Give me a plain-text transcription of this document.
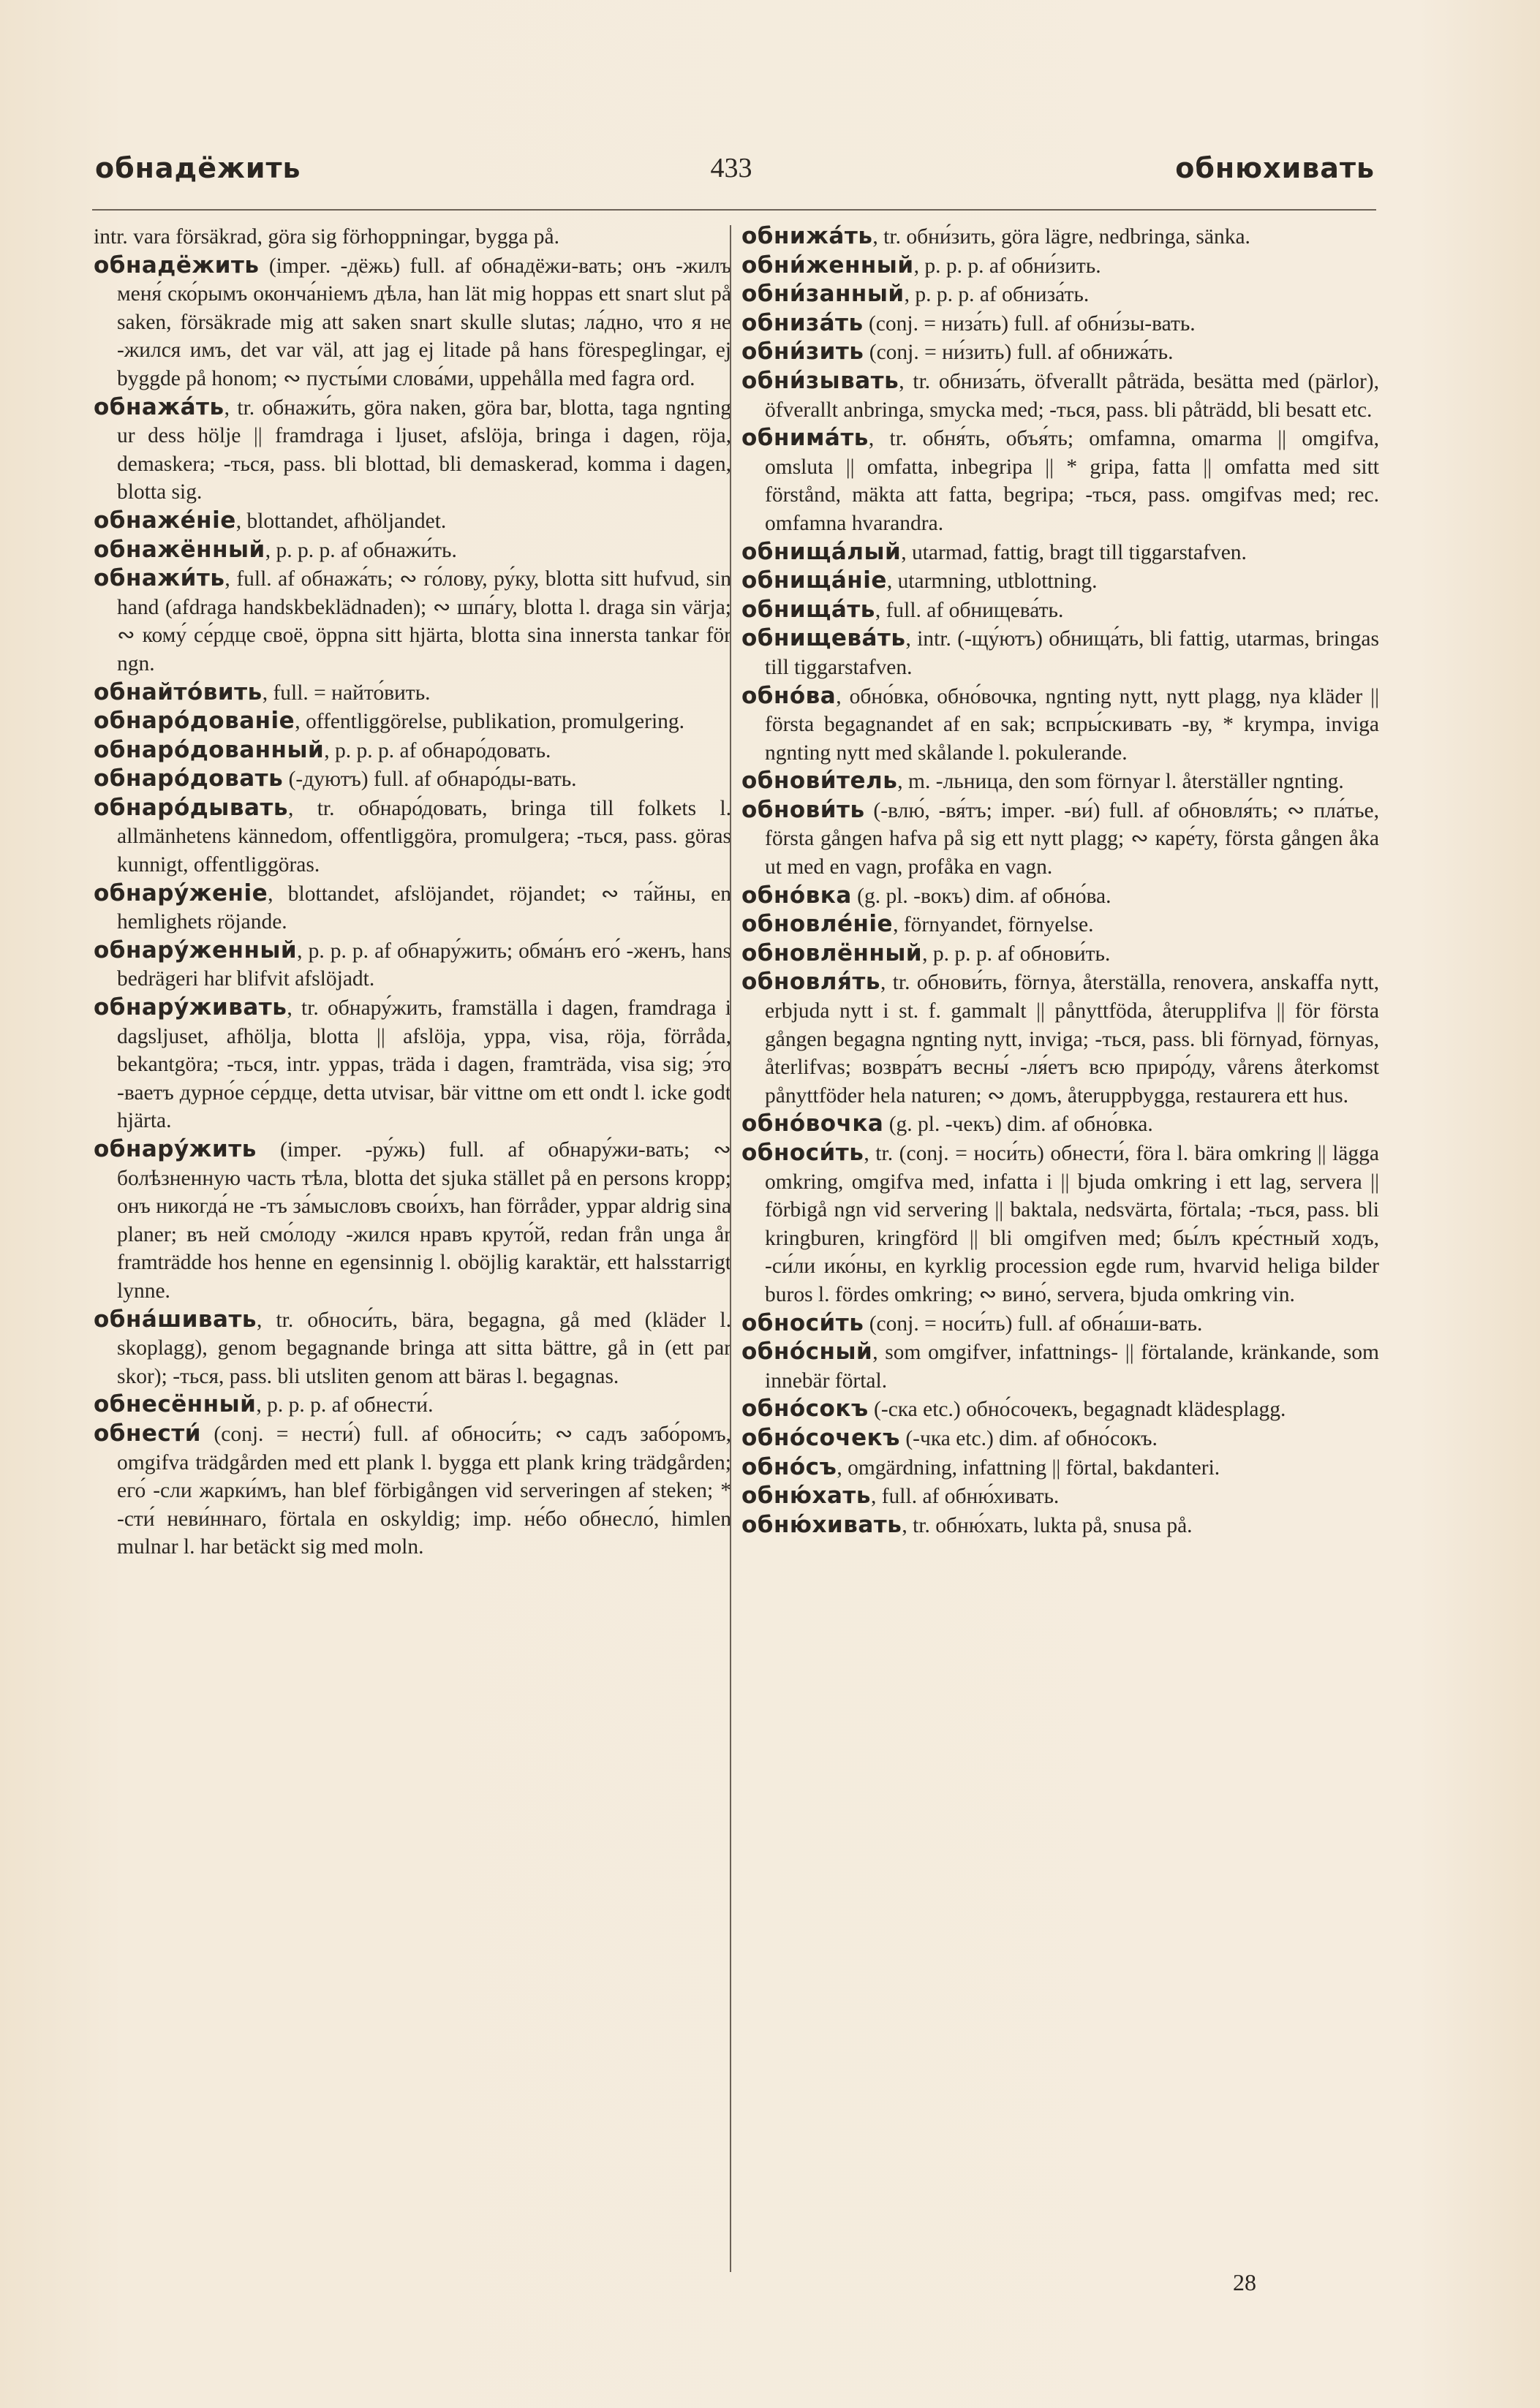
433
обнадёжить	обнюхивать

intr. vara försäkrad, göra sig förhoppningar, bygga på.

обнадёжить (imper. -дёжь) full. af обнадёжи-вать; онъ -жилъ меня́ ско́рымъ оконча́ніемъ дѣла, han lät mig hoppas ett snart slut på saken, försäkrade mig att saken snart skulle slutas; ла́дно, что я не -жился имъ, det var väl, att jag ej litade på hans förespeglingar, ej byggde på honom; ∾ пусты́ми слова́ми, uppehålla med fagra ord.

обнажа́ть, tr. обнажи́ть, göra naken, göra bar, blotta, taga ngnting ur dess hölje || framdraga i ljuset, afslöja, bringa i dagen, röja, demaskera; -ться, pass. bli blottad, bli demaskerad, komma i dagen, blotta sig.

обнаже́ніе, blottandet, afhöljandet.

обнажённый, p. p. p. af обнажи́ть.

обнажи́ть, full. af обнажа́ть; ∾ го́лову, ру́ку, blotta sitt hufvud, sin hand (afdraga handskbeklädnaden); ∾ шпа́гу, blotta l. draga sin värja; ∾ кому́ се́рдце своё, öppna sitt hjärta, blotta sina innersta tankar för ngn.

обнайто́вить, full. = найто́вить.

обнаро́дованіе, offentliggörelse, publikation, promulgering.

обнаро́дованный, p. p. p. af обнаро́довать.

обнаро́довать (-дуютъ) full. af обнаро́ды-вать.

обнаро́дывать, tr. обнаро́довать, bringa till folkets l. allmänhetens kännedom, offentliggöra, promulgera; -ться, pass. göras kunnigt, offentliggöras.

обнару́женіе, blottandet, afslöjandet, röjandet; ∾ та́йны, en hemlighets röjande.

обнару́женный, p. p. p. af обнару́жить; обма́нъ его́ -женъ, hans bedrägeri har blifvit afslöjadt.

обнару́живать, tr. обнару́жить, framställa i dagen, framdraga i dagsljuset, afhölja, blotta || afslöja, yppa, visa, röja, förråda, bekantgöra; -ться, intr. yppas, träda i dagen, framträda, visa sig; э́то -ваетъ дурно́е се́рдце, detta utvisar, bär vittne om ett ondt l. icke godt hjärta.

обнару́жить (imper. -ру́жь) full. af обнару́жи-вать; ∾ болѣзненную часть тѣла, blotta det sjuka stället på en persons kropp; онъ никогда́ не -тъ за́мысловъ свои́хъ, han förråder, yppar aldrig sina planer; въ ней смо́лоду -жился нравъ круто́й, redan från unga år framträdde hos henne en egensinnig l. oböjlig karaktär, ett halsstarrigt lynne.

обна́шивать, tr. обноси́ть, bära, begagna, gå med (kläder l. skoplagg), genom begagnande bringa att sitta bättre, gå in (ett par skor); -ться, pass. bli utsliten genom att bäras l. begagnas.

обнесённый, p. p. p. af обнести́.

обнести́ (conj. = нести́) full. af обноси́ть; ∾ садъ забо́ромъ, omgifva trädgården med ett plank l. bygga ett plank kring trädgården; его́ -сли жарки́мъ, han blef förbigången vid serveringen af steken; * -сти́ неви́ннаго, förtala en oskyldig; imp. не́бо обнесло́, himlen mulnar l. har betäckt sig med moln.

обнижа́ть, tr. обни́зить, göra lägre, nedbringa, sänka.

обни́женный, p. p. p. af обни́зить.

обни́занный, p. p. p. af обниза́ть.

обниза́ть (conj. = низа́ть) full. af обни́зы-вать.

обни́зить (conj. = ни́зить) full. af обнижа́ть.

обни́зывать, tr. обниза́ть, öfverallt påträda, besätta med (pärlor), öfverallt anbringa, smycka med; -ться, pass. bli påträdd, bli besatt etc.

обнима́ть, tr. обня́ть, объя́ть; omfamna, omarma || omgifva, omsluta || omfatta, inbegripa || * gripa, fatta || omfatta med sitt förstånd, mäkta att fatta, begripa; -ться, pass. omgifvas med; rec. omfamna hvarandra.

обнища́лый, utarmad, fattig, bragt till tiggarstafven.

обнища́ніе, utarmning, utblottning.

обнища́ть, full. af обнищева́ть.

обнищева́ть, intr. (-щу́ютъ) обнища́ть, bli fattig, utarmas, bringas till tiggarstafven.

обно́ва, обно́вка, обно́вочка, ngnting nytt, nytt plagg, nya kläder || första begagnandet af en sak; вспры́скивать -ву, * krympa, inviga ngnting nytt med skålande l. pokulerande.

обнови́тель, m. -льница, den som förnyar l. återställer ngnting.

обнови́ть (-влю́, -вя́тъ; imper. -ви́) full. af обновля́ть; ∾ пла́тье, första gången hafva på sig ett nytt plagg; ∾ каре́ту, första gången åka ut med en vagn, profåka en vagn.

обно́вка (g. pl. -вокъ) dim. af обно́ва.

обновле́ніе, förnyandet, förnyelse.

обновлённый, p. p. p. af обнови́ть.

обновля́ть, tr. обнови́ть, förnya, återställa, renovera, anskaffa nytt, erbjuda nytt i st. f. gammalt || pånyttföda, återupplifva || för första gången begagna ngnting nytt, inviga; -ться, pass. bli förnyad, förnyas, återlifvas; возвра́тъ весны́ -ля́етъ всю приро́ду, vårens återkomst pånyttföder hela naturen; ∾ домъ, återuppbygga, restaurera ett hus.

обно́вочка (g. pl. -чекъ) dim. af обно́вка.

обноси́ть, tr. (conj. = носи́ть) обнести́, föra l. bära omkring || lägga omkring, omgifva med, infatta i || bjuda omkring i ett lag, servera || förbigå ngn vid servering || baktala, nedsvärta, förtala; -ться, pass. bli kringburen, kringförd || bli omgifven med; бы́лъ кре́стный ходъ, -си́ли ико́ны, en kyrklig procession egde rum, hvarvid heliga bilder buros l. fördes omkring; ∾ вино́, servera, bjuda omkring vin.

обноси́ть (conj. = носи́ть) full. af обна́ши-вать.

обно́сный, som omgifver, infattnings- || förtalande, kränkande, som innebär förtal.

обно́сокъ (-ска etc.) обно́сочекъ, begagnadt klädesplagg.

обно́сочекъ (-чка etc.) dim. af обно́сокъ.

обно́съ, omgärdning, infattning || förtal, bakdanteri.

обню́хать, full. af обню́хивать.

обню́хивать, tr. обню́хать, lukta på, snusa på.

28
